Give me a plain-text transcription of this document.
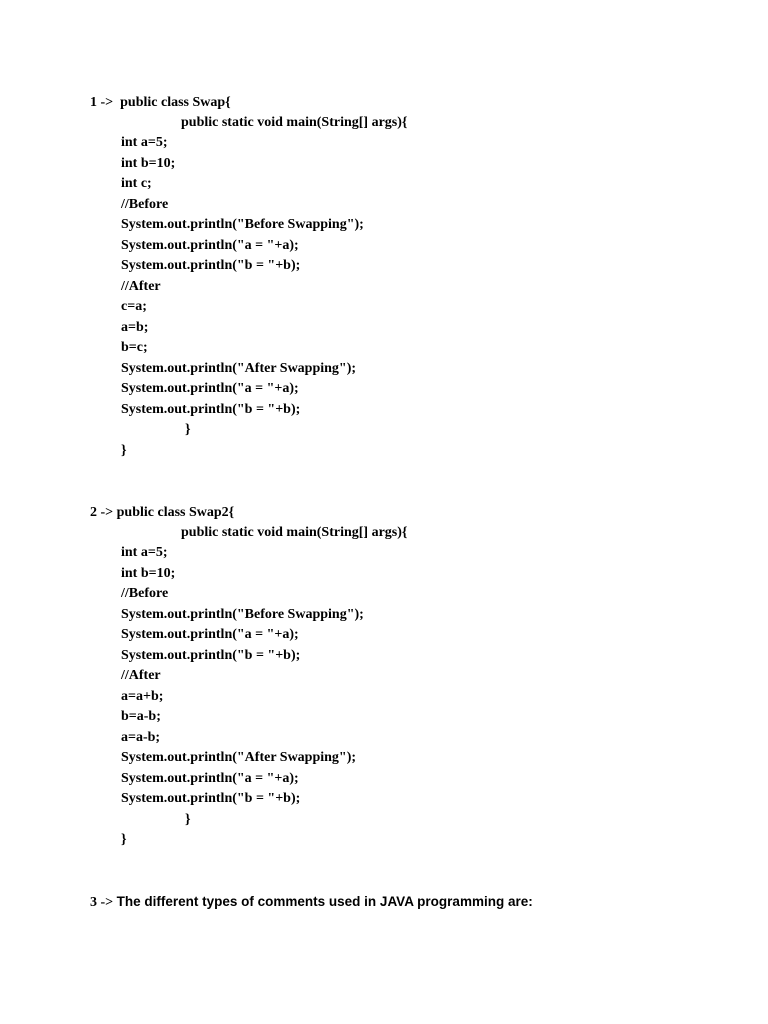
1 ->  public class Swap{
public static void main(String[] args){
int a=5;
int b=10;
int c;
//Before
System.out.println("Before Swapping");
System.out.println("a = "+a);
System.out.println("b = "+b);
//After
c=a;
a=b;
b=c;
System.out.println("After Swapping");
System.out.println("a = "+a);
System.out.println("b = "+b);
}
}
2 -> public class Swap2{
public static void main(String[] args){
int a=5;
int b=10;
//Before
System.out.println("Before Swapping");
System.out.println("a = "+a);
System.out.println("b = "+b);
//After
a=a+b;
b=a-b;
a=a-b;
System.out.println("After Swapping");
System.out.println("a = "+a);
System.out.println("b = "+b);
}
}
3 -> The different types of comments used in JAVA programming are:
